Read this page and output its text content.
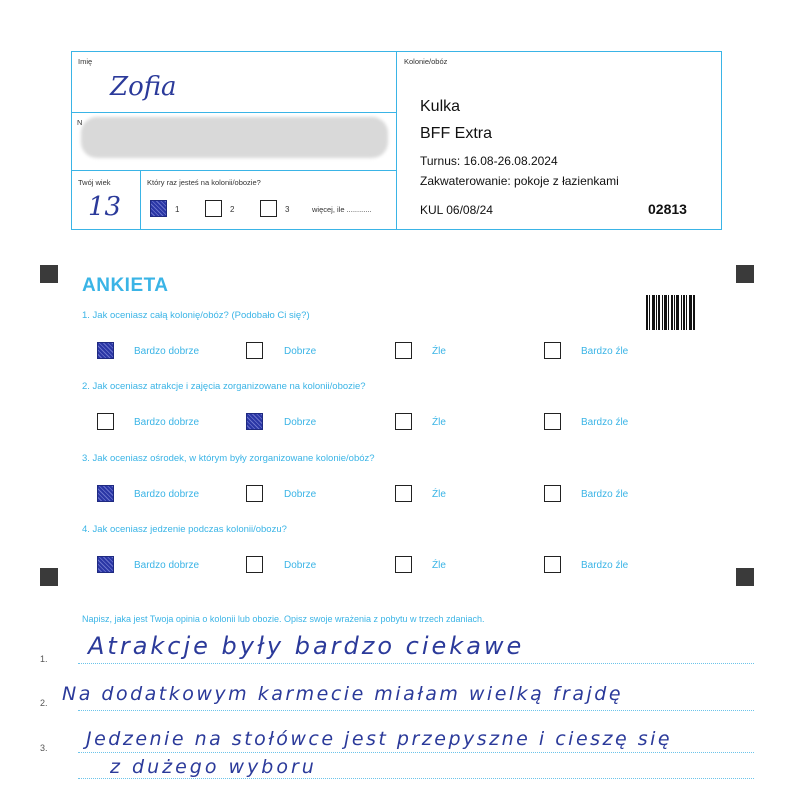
Imię
Zofia
N
Twój wiek
13
Który raz jesteś na kolonii/obozie?
1	2	3	więcej, ile ............
Kolonie/obóz
Kulka
BFF Extra
Turnus: 16.08-26.08.2024
Zakwaterowanie: pokoje z łazienkami
KUL 06/08/24	02813
ANKIETA
1. Jak oceniasz całą kolonię/obóz? (Podobało Ci się?)
Bardzo dobrze	Dobrze	Źle	Bardzo źle
2. Jak oceniasz atrakcje i zajęcia zorganizowane na kolonii/obozie?
Bardzo dobrze	Dobrze	Źle	Bardzo źle
3. Jak oceniasz ośrodek, w którym były zorganizowane kolonie/obóz?
Bardzo dobrze	Dobrze	Źle	Bardzo źle
4. Jak oceniasz jedzenie podczas kolonii/obozu?
Bardzo dobrze	Dobrze	Źle	Bardzo źle
Napisz, jaka jest Twoja opinia o kolonii lub obozie. Opisz swoje wrażenia z pobytu w trzech zdaniach.
1. Atrakcje były bardzo ciekawe
2. Na dodatkowym karmecie miałam wielką frajdę
3. Jedzenie na stołówce jest przepyszne i cieszę się
z dużego wyboru
